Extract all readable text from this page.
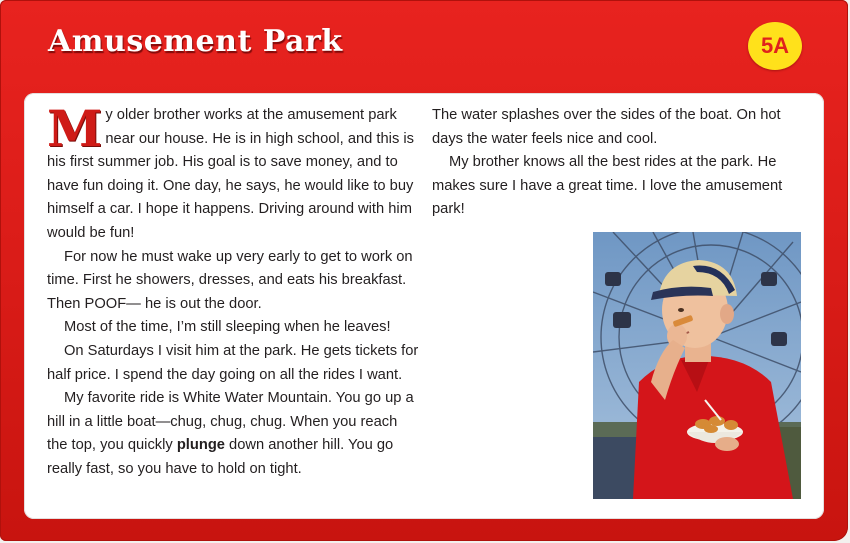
Amusement Park	5A

M y older brother works at the amusement park near our house. He is in high school, and this is his first summer job. His goal is to save money, and to have fun doing it. One day, he says, he would like to buy himself a car. I hope it happens. Driving around with him would be fun!

For now he must wake up very early to get to work on time. First he showers, dresses, and eats his breakfast. Then POOF— he is out the door.

Most of the time, I’m still sleeping when he leaves!

On Saturdays I visit him at the park. He gets tickets for half price. I spend the day going on all the rides I want.

My favorite ride is White Water Mountain. You go up a hill in a little boat—chug, chug, chug. When you reach the top, you quickly plunge down another hill. You go really fast, so you have to hold on tight.

The water splashes over the sides of the boat. On hot days the water feels nice and cool.

My brother knows all the best rides at the park. He makes sure I have a great time. I love the amusement park!
